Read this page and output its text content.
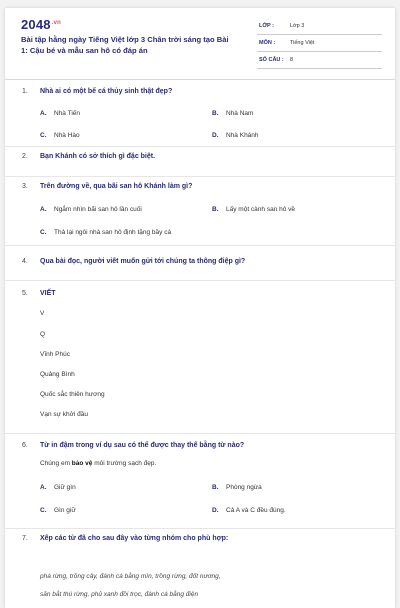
$2048^{.vn}$
Bài tập hằng ngày Tiếng Việt lớp 3 Chân trời sáng tạo Bài 1: Cậu bé và mẫu san hô có đáp án
LỚP :	Lớp 3
MÔN :	Tiếng Việt
SỐ CÂU : 8
1. Nhà ai có một bể cá thủy sinh thật đẹp?
A. Nhà Tiến	B. Nhà Nam
C. Nhà Hào	D. Nhà Khánh
2. Bạn Khánh có sở thích gì đặc biệt.
3. Trên đường về, qua bãi san hô Khánh làm gì?
A. Ngắm nhìn bãi san hô lần cuối	B. Lấy một cành san hô về
C. Thả lại ngôi nhà san hô định tặng bầy cá
4. Qua bài đọc, người viết muốn gửi tới chúng ta thông điệp gì?
5. VIẾT
V
Q
Vĩnh Phúc
Quảng Bình
Quốc sắc thiên hương
Vạn sự khởi đầu
6. Từ in đậm trong ví dụ sau có thể được thay thế bằng từ nào?
Chúng em bảo vệ môi trường sạch đẹp.
A. Giữ gìn	B. Phòng ngừa
C. Gìn giữ	D. Cả A và C đều đúng.
7. Xếp các từ đã cho sau đây vào từng nhóm cho phù hợp:
phá rừng, trồng cây, đánh cá bằng mìn, trồng rừng, đốt nương,
săn bắt thú rừng, phủ xanh đồi trọc, đánh cá bằng điện
